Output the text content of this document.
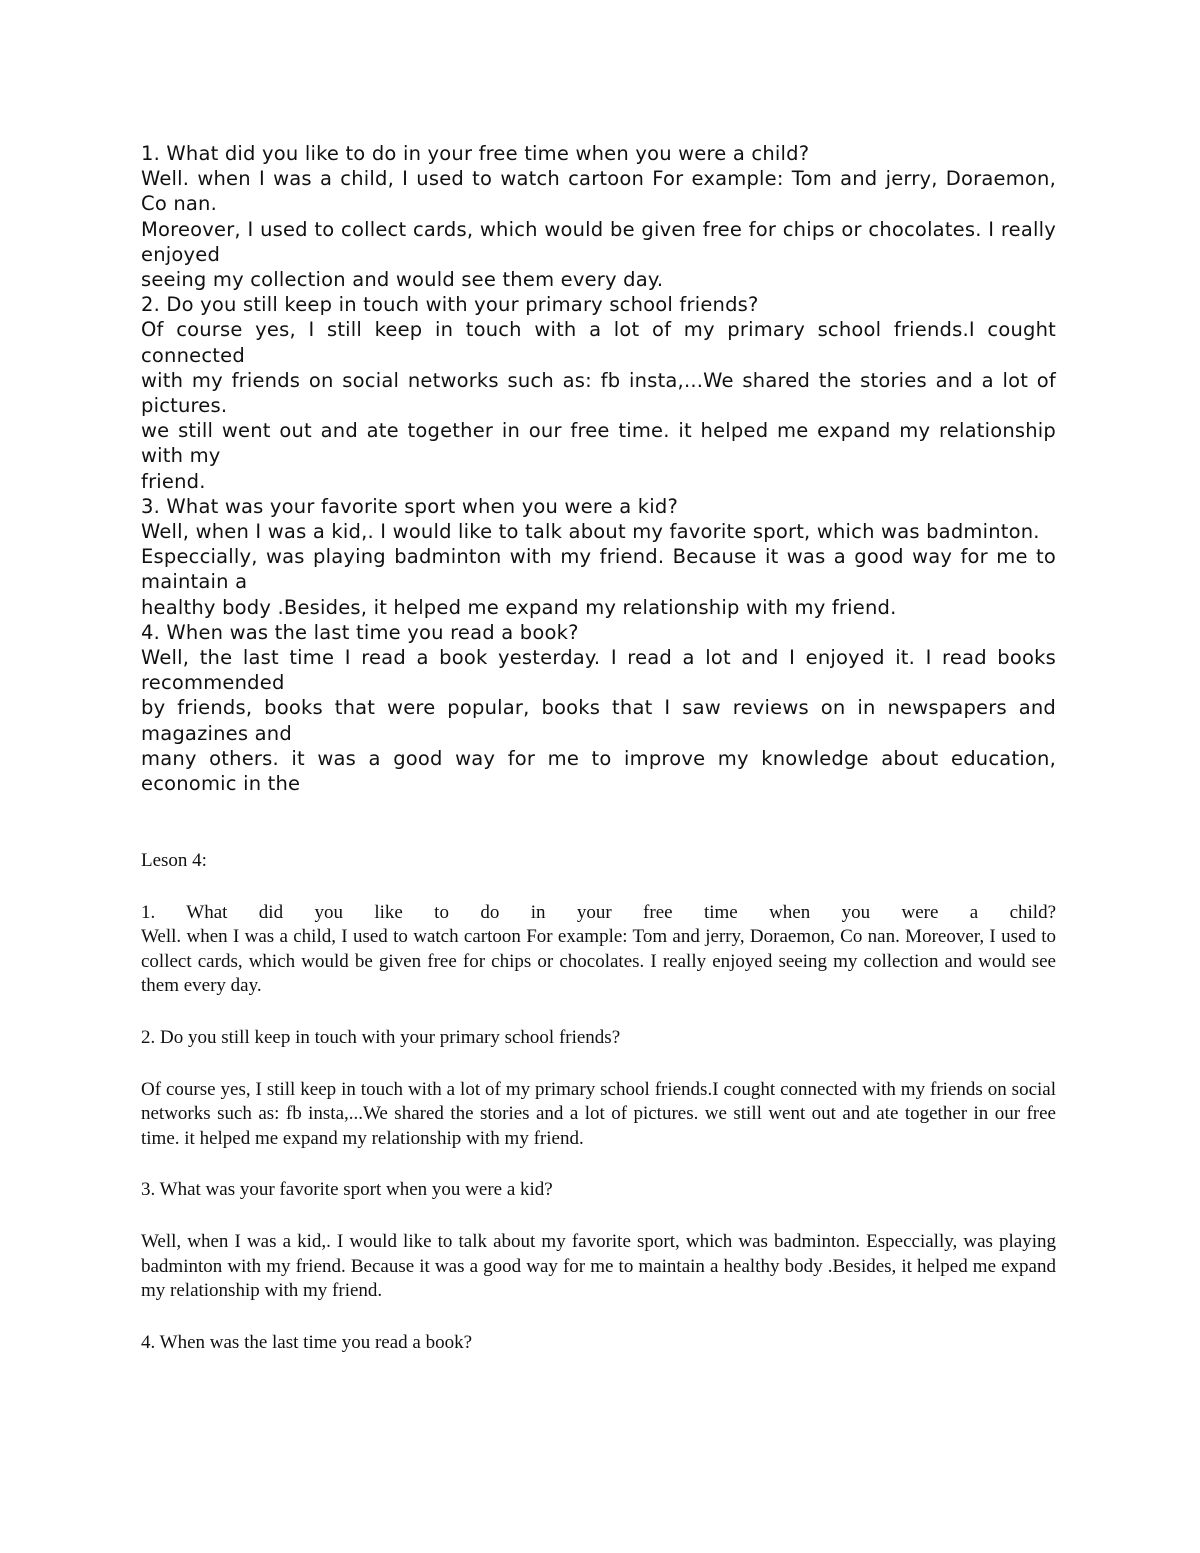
1. What did you like to do in your free time when you were a child?

Well. when I was a child, I used to watch cartoon For example: Tom and jerry, Doraemon, Co nan.

Moreover, I used to collect cards, which would be given free for chips or chocolates. I really enjoyed

seeing my collection and would see them every day.

2. Do you still keep in touch with your primary school friends?

Of course yes, I still keep in touch with a lot of my primary school friends.I cought connected

with my friends on social networks such as: fb insta,...We shared the stories and a lot of pictures.

we still went out and ate together in our free time. it helped me expand my relationship with my

friend.

3. What was your favorite sport when you were a kid?

Well, when I was a kid,. I would like to talk about my favorite sport, which was badminton.

Especcially, was playing badminton with my friend. Because it was a good way for me to maintain a

healthy body .Besides, it helped me expand my relationship with my friend.

4. When was the last time you read a book?

Well, the last time I read a book yesterday. I read a lot and I enjoyed it. I read books recommended

by friends, books that were popular, books that I saw reviews on in newspapers and magazines and

many others. it was a good way for me to improve my knowledge about education, economic in the

Leson 4:

1. What did you like to do in your free time when you were a child?

Well. when I was a child, I used to watch cartoon For example: Tom and jerry, Doraemon, Co nan. Moreover, I used to collect cards, which would be given free for chips or chocolates. I really enjoyed seeing my collection and would see them every day.

2. Do you still keep in touch with your primary school friends?

Of course yes, I still keep in touch with a lot of my primary school friends.I cought connected with my friends on social networks such as: fb insta,...We shared the stories and a lot of pictures. we still went out and ate together in our free time. it helped me expand my relationship with my friend.

3. What was your favorite sport when you were a kid?

Well, when I was a kid,. I would like to talk about my favorite sport, which was badminton. Especcially, was playing badminton with my friend. Because it was a good way for me to maintain a healthy body .Besides, it helped me expand my relationship with my friend.

4. When was the last time you read a book?
